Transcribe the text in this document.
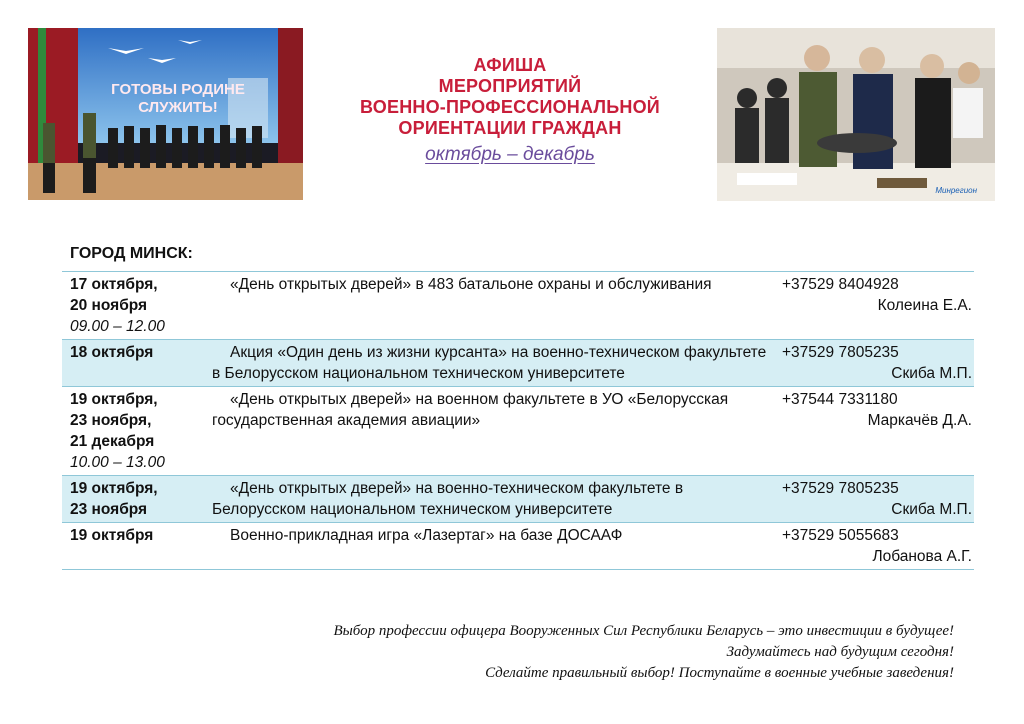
ГОТОВЫ РОДИНЕ
СЛУЖИТЬ!
Минрегион
АФИША
МЕРОПРИЯТИЙ
ВОЕННО-ПРОФЕССИОНАЛЬНОЙ
ОРИЕНТАЦИИ ГРАЖДАН
октябрь – декабрь
ГОРОД МИНСК:
17 октября,
20 ноября
09.00 – 12.00	«День открытых дверей» в 483 батальоне охраны и обслуживания	+37529 8404928
Колеина Е.А.

18 октября	Акция «Один день из жизни курсанта» на военно-техническом факультете в Белорусском национальном техническом университете	+37529 7805235
Скиба М.П.

19 октября,
23 ноября,
21 декабря
10.00 – 13.00	«День открытых дверей» на военном факультете в УО «Белорусская государственная академия авиации»	+37544 7331180
Маркачёв Д.А.

19 октября,
23 ноября	«День открытых дверей» на военно-техническом факультете в Белорусском национальном техническом университете	+37529 7805235
Скиба М.П.

19 октября	Военно-прикладная игра «Лазертаг» на базе ДОСААФ	+37529 5055683
Лобанова А.Г.
Выбор профессии офицера Вооруженных Сил Республики Беларусь – это инвестиции в будущее!
Задумайтесь над будущим сегодня!
Сделайте правильный выбор! Поступайте в военные учебные заведения!
